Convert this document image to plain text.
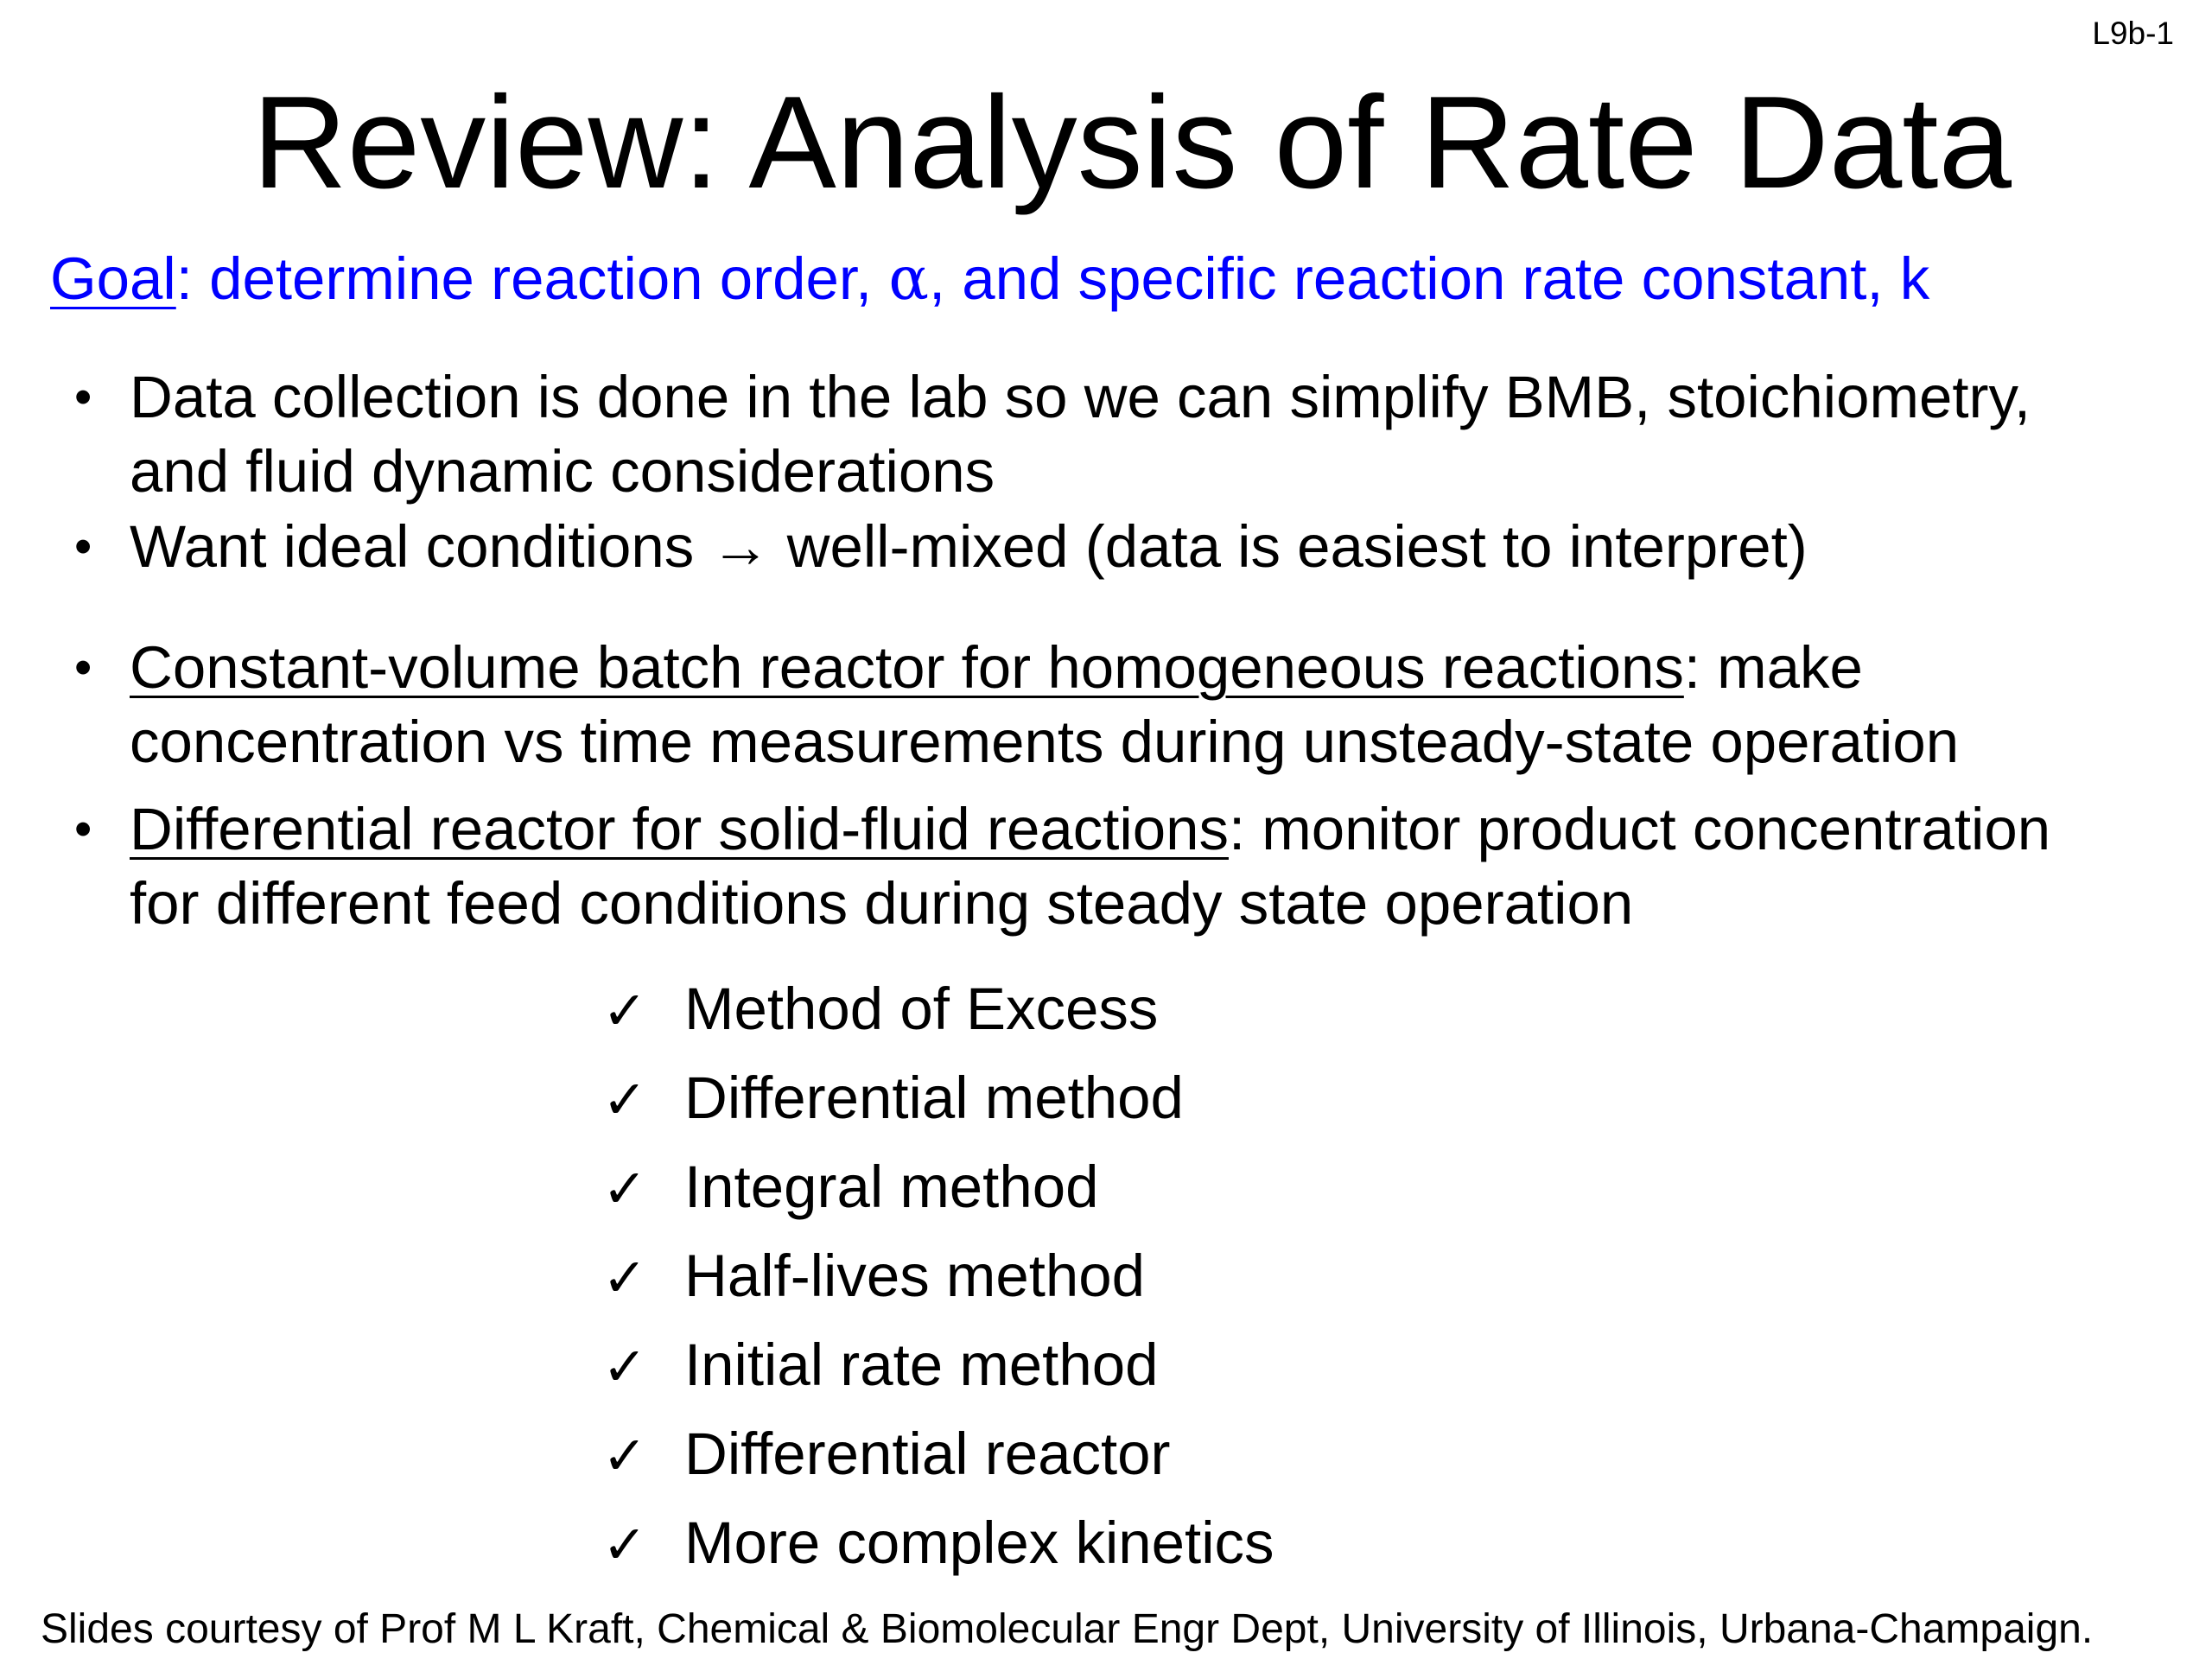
L9b-1
Review: Analysis of Rate Data
Goal: determine reaction order, α, and specific reaction rate constant, k
• Data collection is done in the lab so we can simplify BMB, stoichiometry,
and fluid dynamic considerations
• Want ideal conditions → well-mixed (data is easiest to interpret)
• Constant-volume batch reactor for homogeneous reactions: make
concentration vs time measurements during unsteady-state operation
• Differential reactor for solid-fluid reactions: monitor product concentration
for different feed conditions during steady state operation
✓ Method of Excess
✓ Differential method
✓ Integral method
✓ Half-lives method
✓ Initial rate method
✓ Differential reactor
✓ More complex kinetics
Slides courtesy of Prof M L Kraft, Chemical & Biomolecular Engr Dept, University of Illinois, Urbana-Champaign.
